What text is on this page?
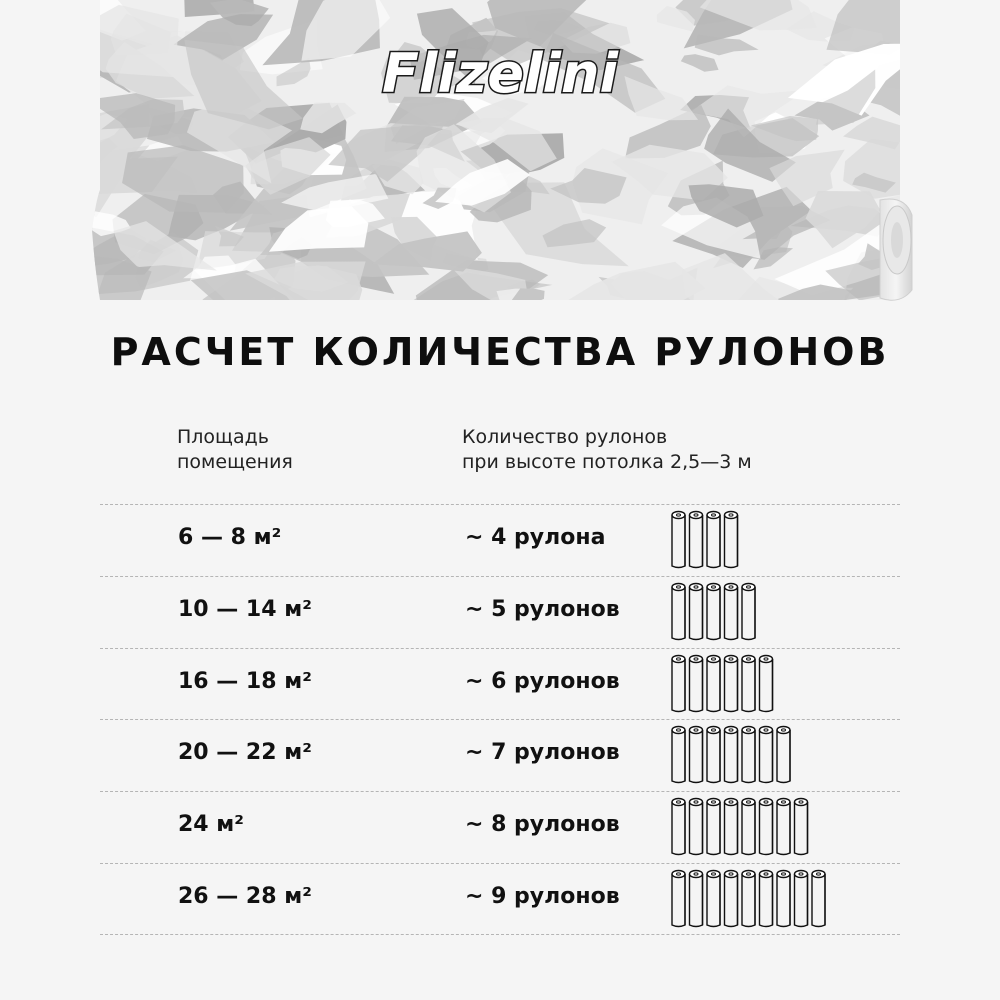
Flizelini
РАСЧЕТ КОЛИЧЕСТВА РУЛОНОВ
Площадь
помещения
Количество рулонов
при высоте потолка 2,5—3 м
6 — 8 м²	~ 4 рулона
10 — 14 м²	~ 5 рулонов
16 — 18 м²	~ 6 рулонов
20 — 22 м²	~ 7 рулонов
24 м²	~ 8 рулонов
26 — 28 м²	~ 9 рулонов
